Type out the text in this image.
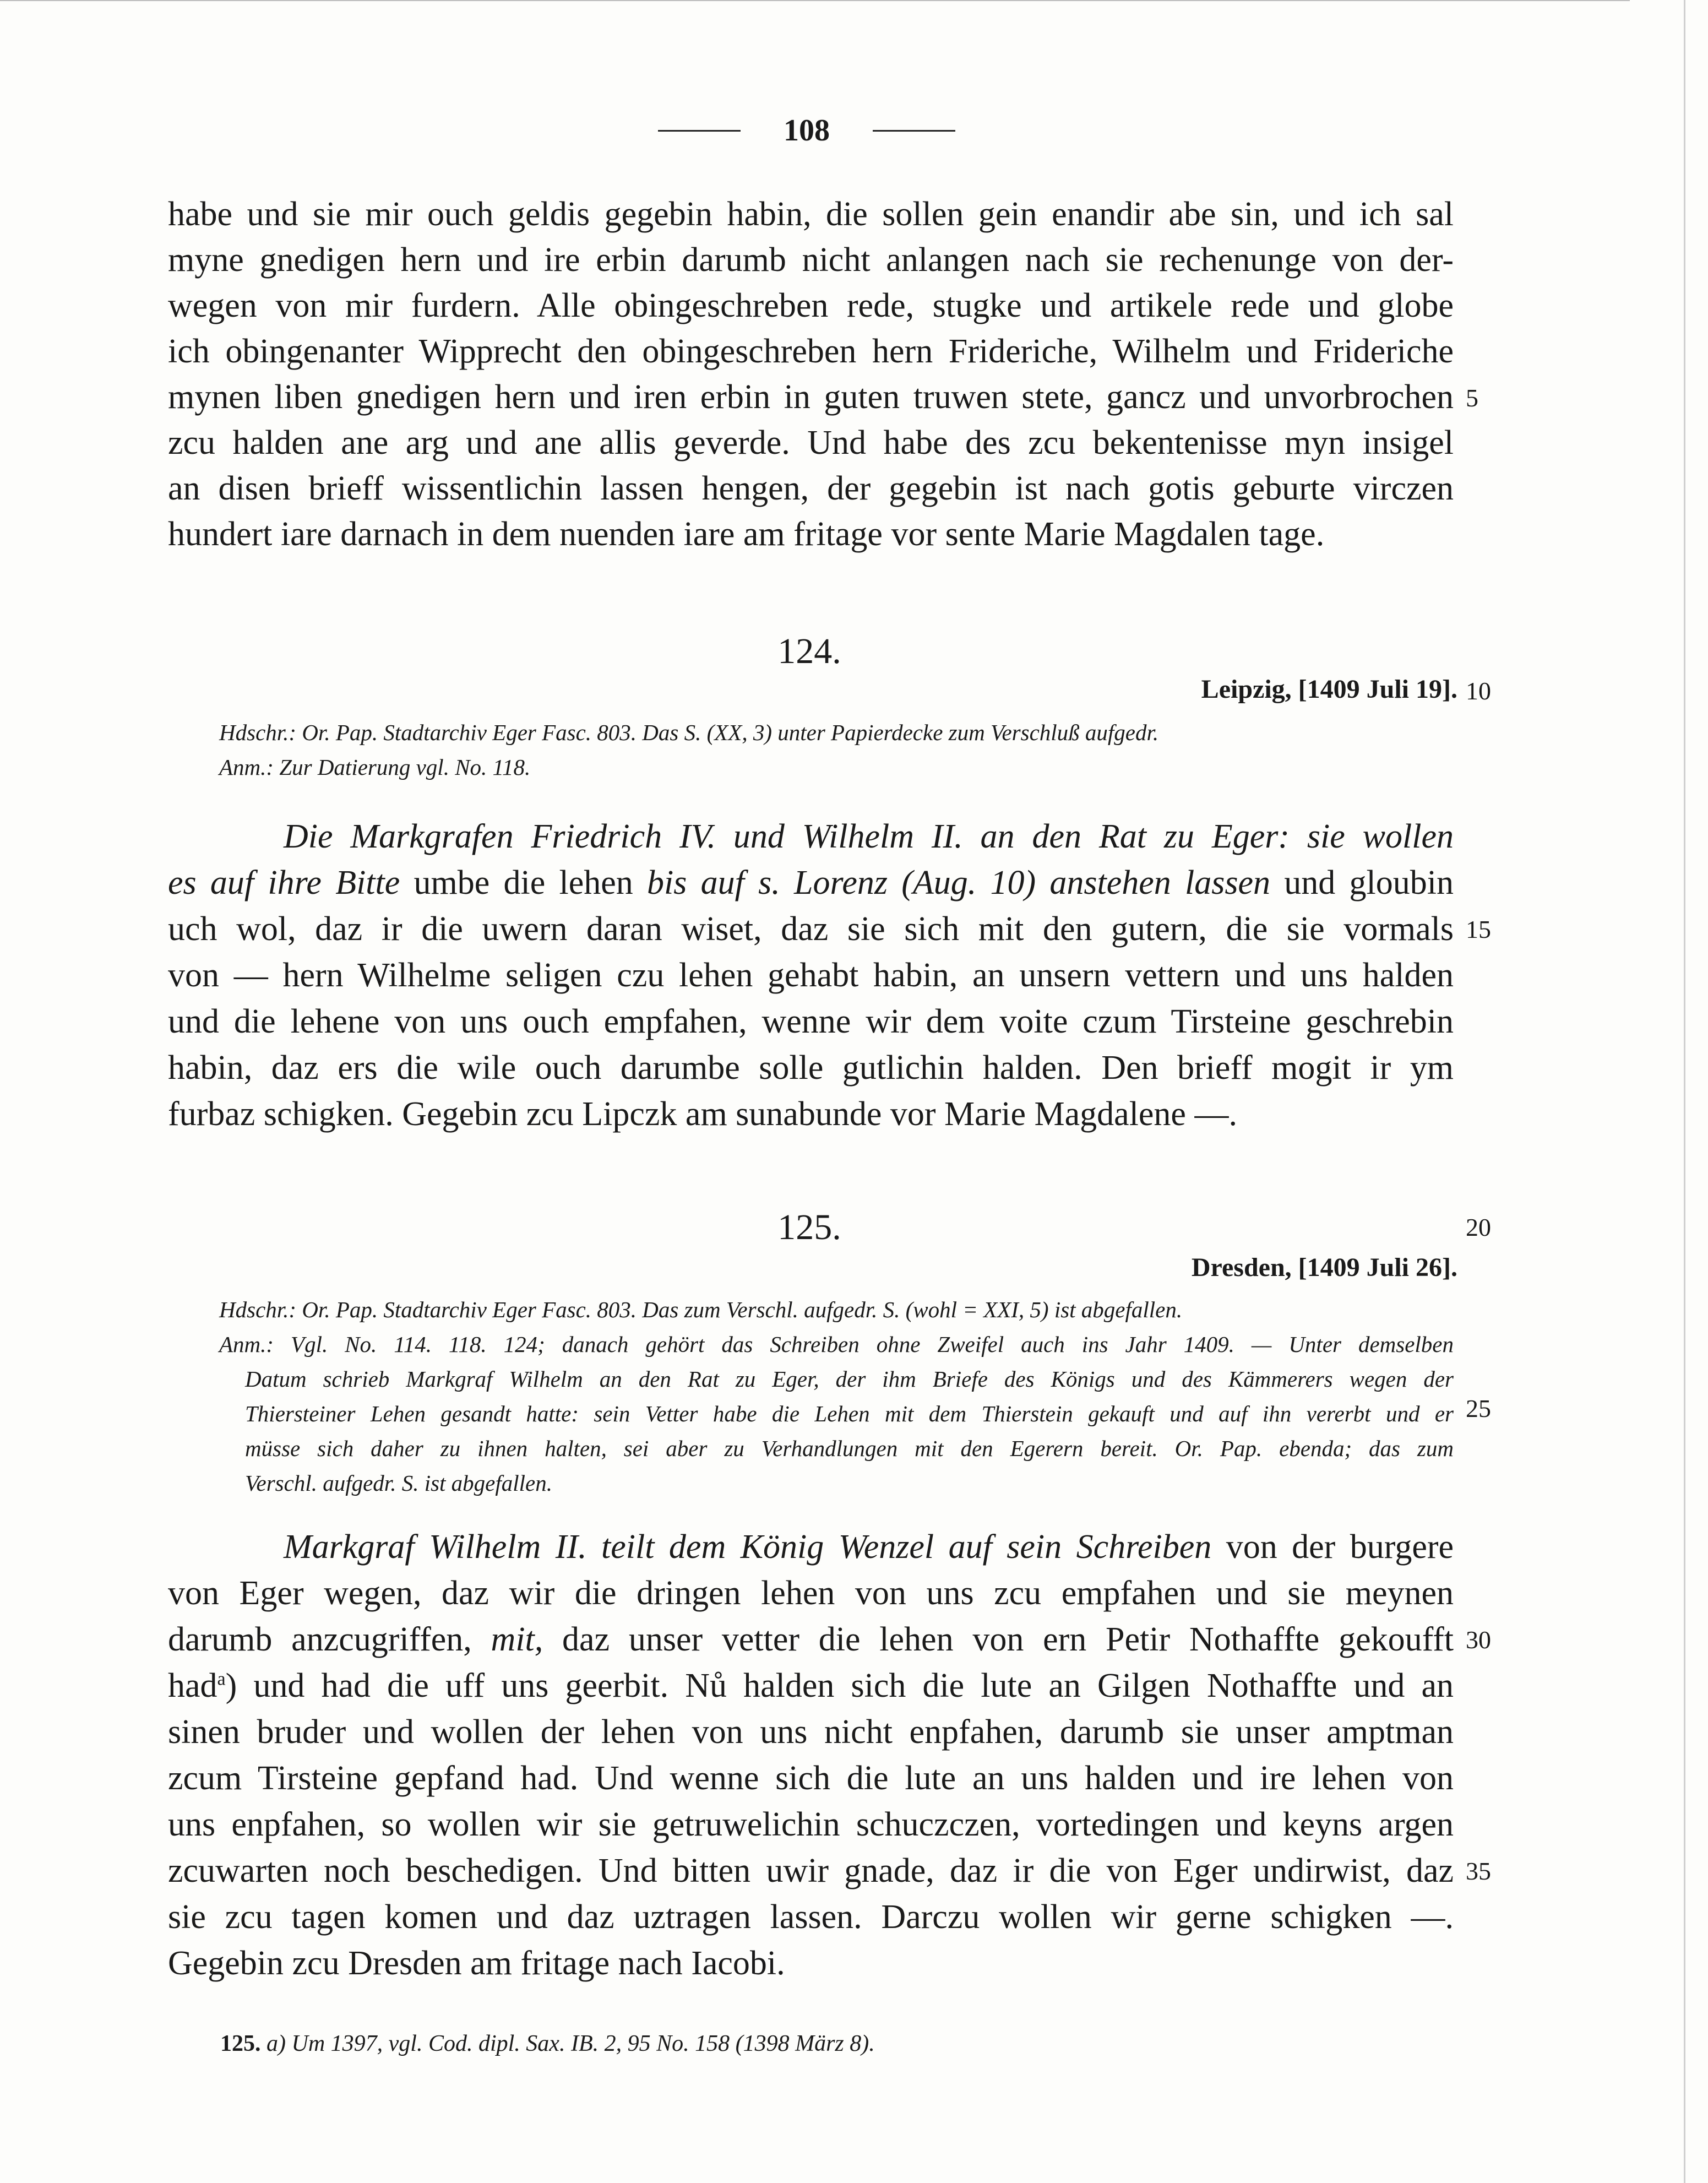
108
habe und sie mir ouch geldis gegebin habin, die sollen gein enandir abe sin, und ich sal
myne gnedigen hern und ire erbin darumb nicht anlangen nach sie rechenunge von der-
wegen von mir furdern. Alle obingeschreben rede, stugke und artikele rede und globe
ich obingenanter Wipprecht den obingeschreben hern Frideriche, Wilhelm und Frideriche
mynen liben gnedigen hern und iren erbin in guten truwen stete, gancz und unvorbrochen
zcu halden ane arg und ane allis geverde. Und habe des zcu bekentenisse myn insigel
an disen brieff wissentlichin lassen hengen, der gegebin ist nach gotis geburte virczen
hundert iare darnach in dem nuenden iare am fritage vor sente Marie Magdalen tage.
124.
Leipzig, [1409 Juli 19].
Hdschr.: Or. Pap. Stadtarchiv Eger Fasc. 803. Das S. (XX, 3) unter Papierdecke zum Verschluß aufgedr.
Anm.: Zur Datierung vgl. No. 118.
Die Markgrafen Friedrich IV. und Wilhelm II. an den Rat zu Eger: sie wollen
es auf ihre Bitte umbe die lehen bis auf s. Lorenz (Aug. 10) anstehen lassen und gloubin
uch wol, daz ir die uwern daran wiset, daz sie sich mit den gutern, die sie vormals
von — hern Wilhelme seligen czu lehen gehabt habin, an unsern vettern und uns halden
und die lehene von uns ouch empfahen, wenne wir dem voite czum Tirsteine geschrebin
habin, daz ers die wile ouch darumbe solle gutlichin halden. Den brieff mogit ir ym
furbaz schigken. Gegebin zcu Lipczk am sunabunde vor Marie Magdalene —.
125.
Dresden, [1409 Juli 26].
Hdschr.: Or. Pap. Stadtarchiv Eger Fasc. 803. Das zum Verschl. aufgedr. S. (wohl = XXI, 5) ist abgefallen.
Anm.: Vgl. No. 114. 118. 124; danach gehört das Schreiben ohne Zweifel auch ins Jahr 1409. — Unter demselben
Datum schrieb Markgraf Wilhelm an den Rat zu Eger, der ihm Briefe des Königs und des Kämmerers wegen der
Thiersteiner Lehen gesandt hatte: sein Vetter habe die Lehen mit dem Thierstein gekauft und auf ihn vererbt und er
müsse sich daher zu ihnen halten, sei aber zu Verhandlungen mit den Egerern bereit. Or. Pap. ebenda; das zum
Verschl. aufgedr. S. ist abgefallen.
Markgraf Wilhelm II. teilt dem König Wenzel auf sein Schreiben von der burgere
von Eger wegen, daz wir die dringen lehen von uns zcu empfahen und sie meynen
darumb anzcugriffen, mit, daz unser vetter die lehen von ern Petir Nothaffte gekoufft
had$^a$) und had die uff uns geerbit. Nů halden sich die lute an Gilgen Nothaffte und an
sinen bruder und wollen der lehen von uns nicht enpfahen, darumb sie unser amptman
zcum Tirsteine gepfand had. Und wenne sich die lute an uns halden und ire lehen von
uns enpfahen, so wollen wir sie getruwelichin schuczczen, vortedingen und keyns argen
zcuwarten noch beschedigen. Und bitten uwir gnade, daz ir die von Eger undirwist, daz
sie zcu tagen komen und daz uztragen lassen. Darczu wollen wir gerne schigken —.
Gegebin zcu Dresden am fritage nach Iacobi.
125. a) Um 1397, vgl. Cod. dipl. Sax. IB. 2, 95 No. 158 (1398 März 8).
5
10
15
20
25
30
35
